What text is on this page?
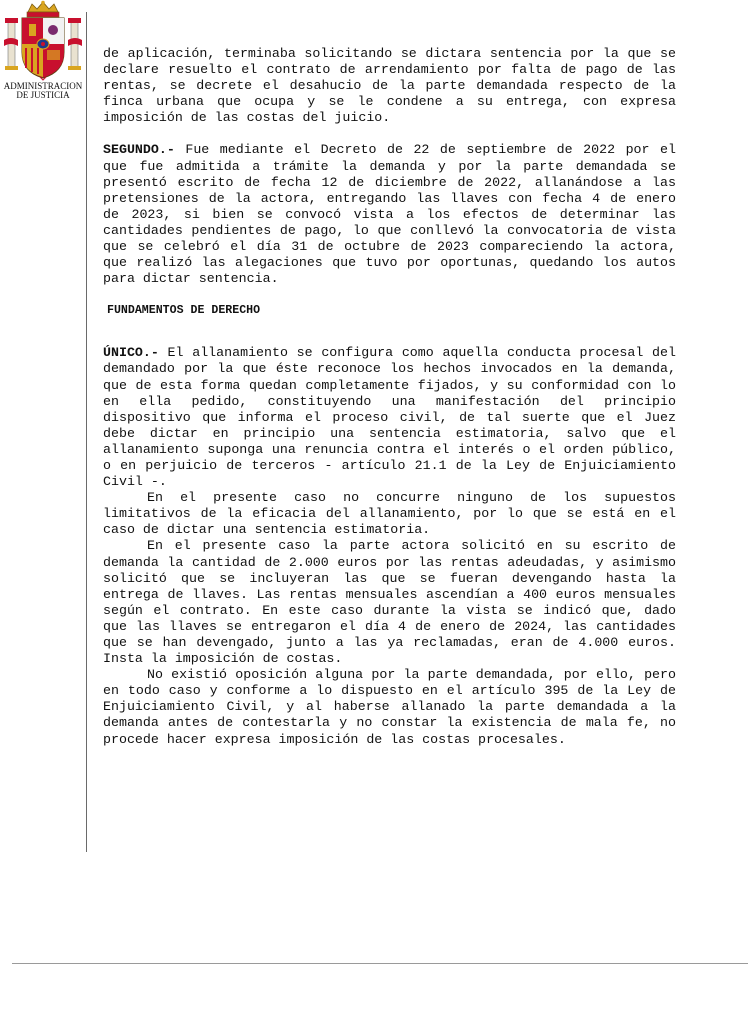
ADMINISTRACION
DE JUSTICIA

de aplicación, terminaba solicitando se dictara sentencia por la que se declare resuelto el contrato de arrendamiento por falta de pago de las rentas, se decrete el desahucio de la parte demandada respecto de la finca urbana que ocupa y se le condene a su entrega, con expresa imposición de las costas del juicio.

SEGUNDO.- Fue mediante el Decreto de 22 de septiembre de 2022 por el que fue admitida a trámite la demanda y por la parte demandada se presentó escrito de fecha 12 de diciembre de 2022, allanándose a las pretensiones de la actora, entregando las llaves con fecha 4 de enero de 2023, si bien se convocó vista a los efectos de determinar las cantidades pendientes de pago, lo que conllevó la convocatoria de vista que se celebró el día 31 de octubre de 2023 compareciendo la actora, que realizó las alegaciones que tuvo por oportunas, quedando los autos para dictar sentencia.

FUNDAMENTOS DE DERECHO

ÚNICO.- El allanamiento se configura como aquella conducta procesal del demandado por la que éste reconoce los hechos invocados en la demanda, que de esta forma quedan completamente fijados, y su conformidad con lo en ella pedido, constituyendo una manifestación del principio dispositivo que informa el proceso civil, de tal suerte que el Juez debe dictar en principio una sentencia estimatoria, salvo que el allanamiento suponga una renuncia contra el interés o el orden público, o en perjuicio de terceros - artículo 21.1 de la Ley de Enjuiciamiento Civil -.

En el presente caso no concurre ninguno de los supuestos limitativos de la eficacia del allanamiento, por lo que se está en el caso de dictar una sentencia estimatoria.

En el presente caso la parte actora solicitó en su escrito de demanda la cantidad de 2.000 euros por las rentas adeudadas, y asimismo solicitó que se incluyeran las que se fueran devengando hasta la entrega de llaves. Las rentas mensuales ascendían a 400 euros mensuales según el contrato. En este caso durante la vista se indicó que, dado que las llaves se entregaron el día 4 de enero de 2024, las cantidades que se han devengado, junto a las ya reclamadas, eran de 4.000 euros. Insta la imposición de costas.

No existió oposición alguna por la parte demandada, por ello, pero en todo caso y conforme a lo dispuesto en el artículo 395 de la Ley de Enjuiciamiento Civil, y al haberse allanado la parte demandada a la demanda antes de contestarla y no constar la existencia de mala fe, no procede hacer expresa imposición de las costas procesales.
